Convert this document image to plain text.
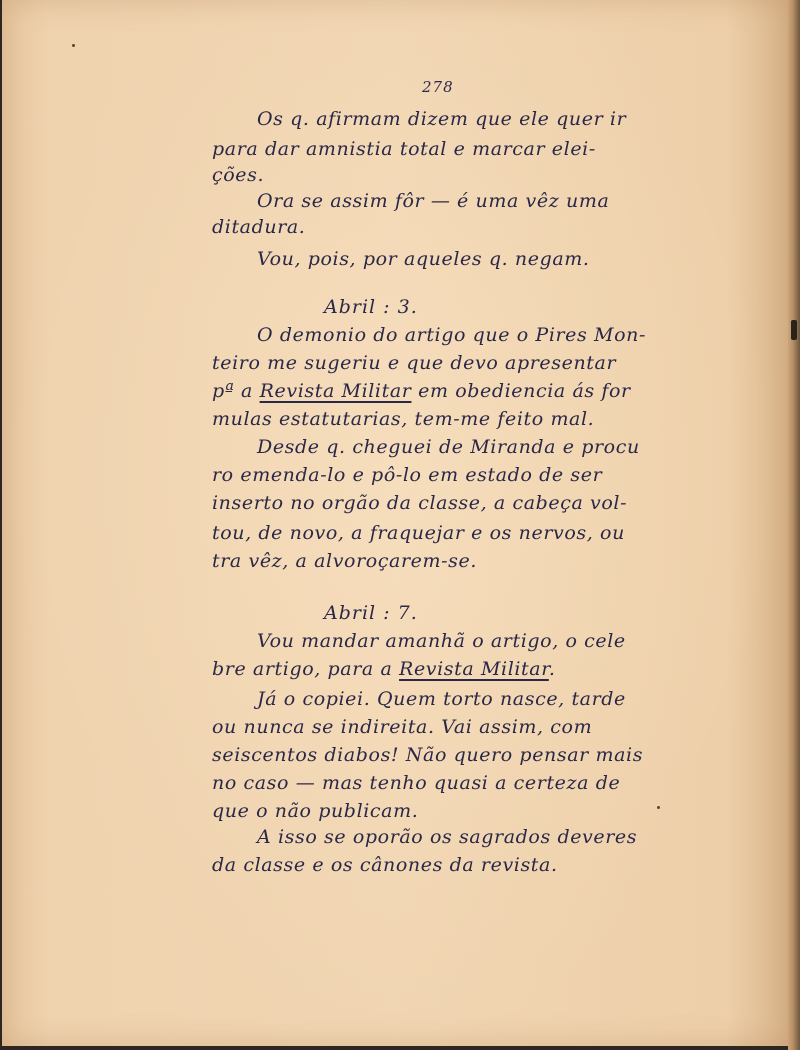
278
Os q. afirmam dizem que ele quer ir
para dar amnistia total e marcar elei-
ções.
Ora se assim fôr — é uma vêz uma
ditadura.
Vou, pois, por aqueles q. negam.
Abril : 3.
O demonio do artigo que o Pires Mon-
teiro me sugeriu e que devo apresentar
pª a Revista Militar em obediencia ás for
mulas estatutarias, tem-me feito mal.
Desde q. cheguei de Miranda e procu
ro emenda-lo e pô-lo em estado de ser
inserto no orgão da classe, a cabeça vol-
tou, de novo, a fraquejar e os nervos, ou
tra vêz, a alvoroçarem-se.
Abril : 7.
Vou mandar amanhã o artigo, o cele
bre artigo, para a Revista Militar.
Já o copiei. Quem torto nasce, tarde
ou nunca se indireita. Vai assim, com
seiscentos diabos! Não quero pensar mais
no caso — mas tenho quasi a certeza de
que o não publicam.
A isso se oporão os sagrados deveres
da classe e os cânones da revista.
